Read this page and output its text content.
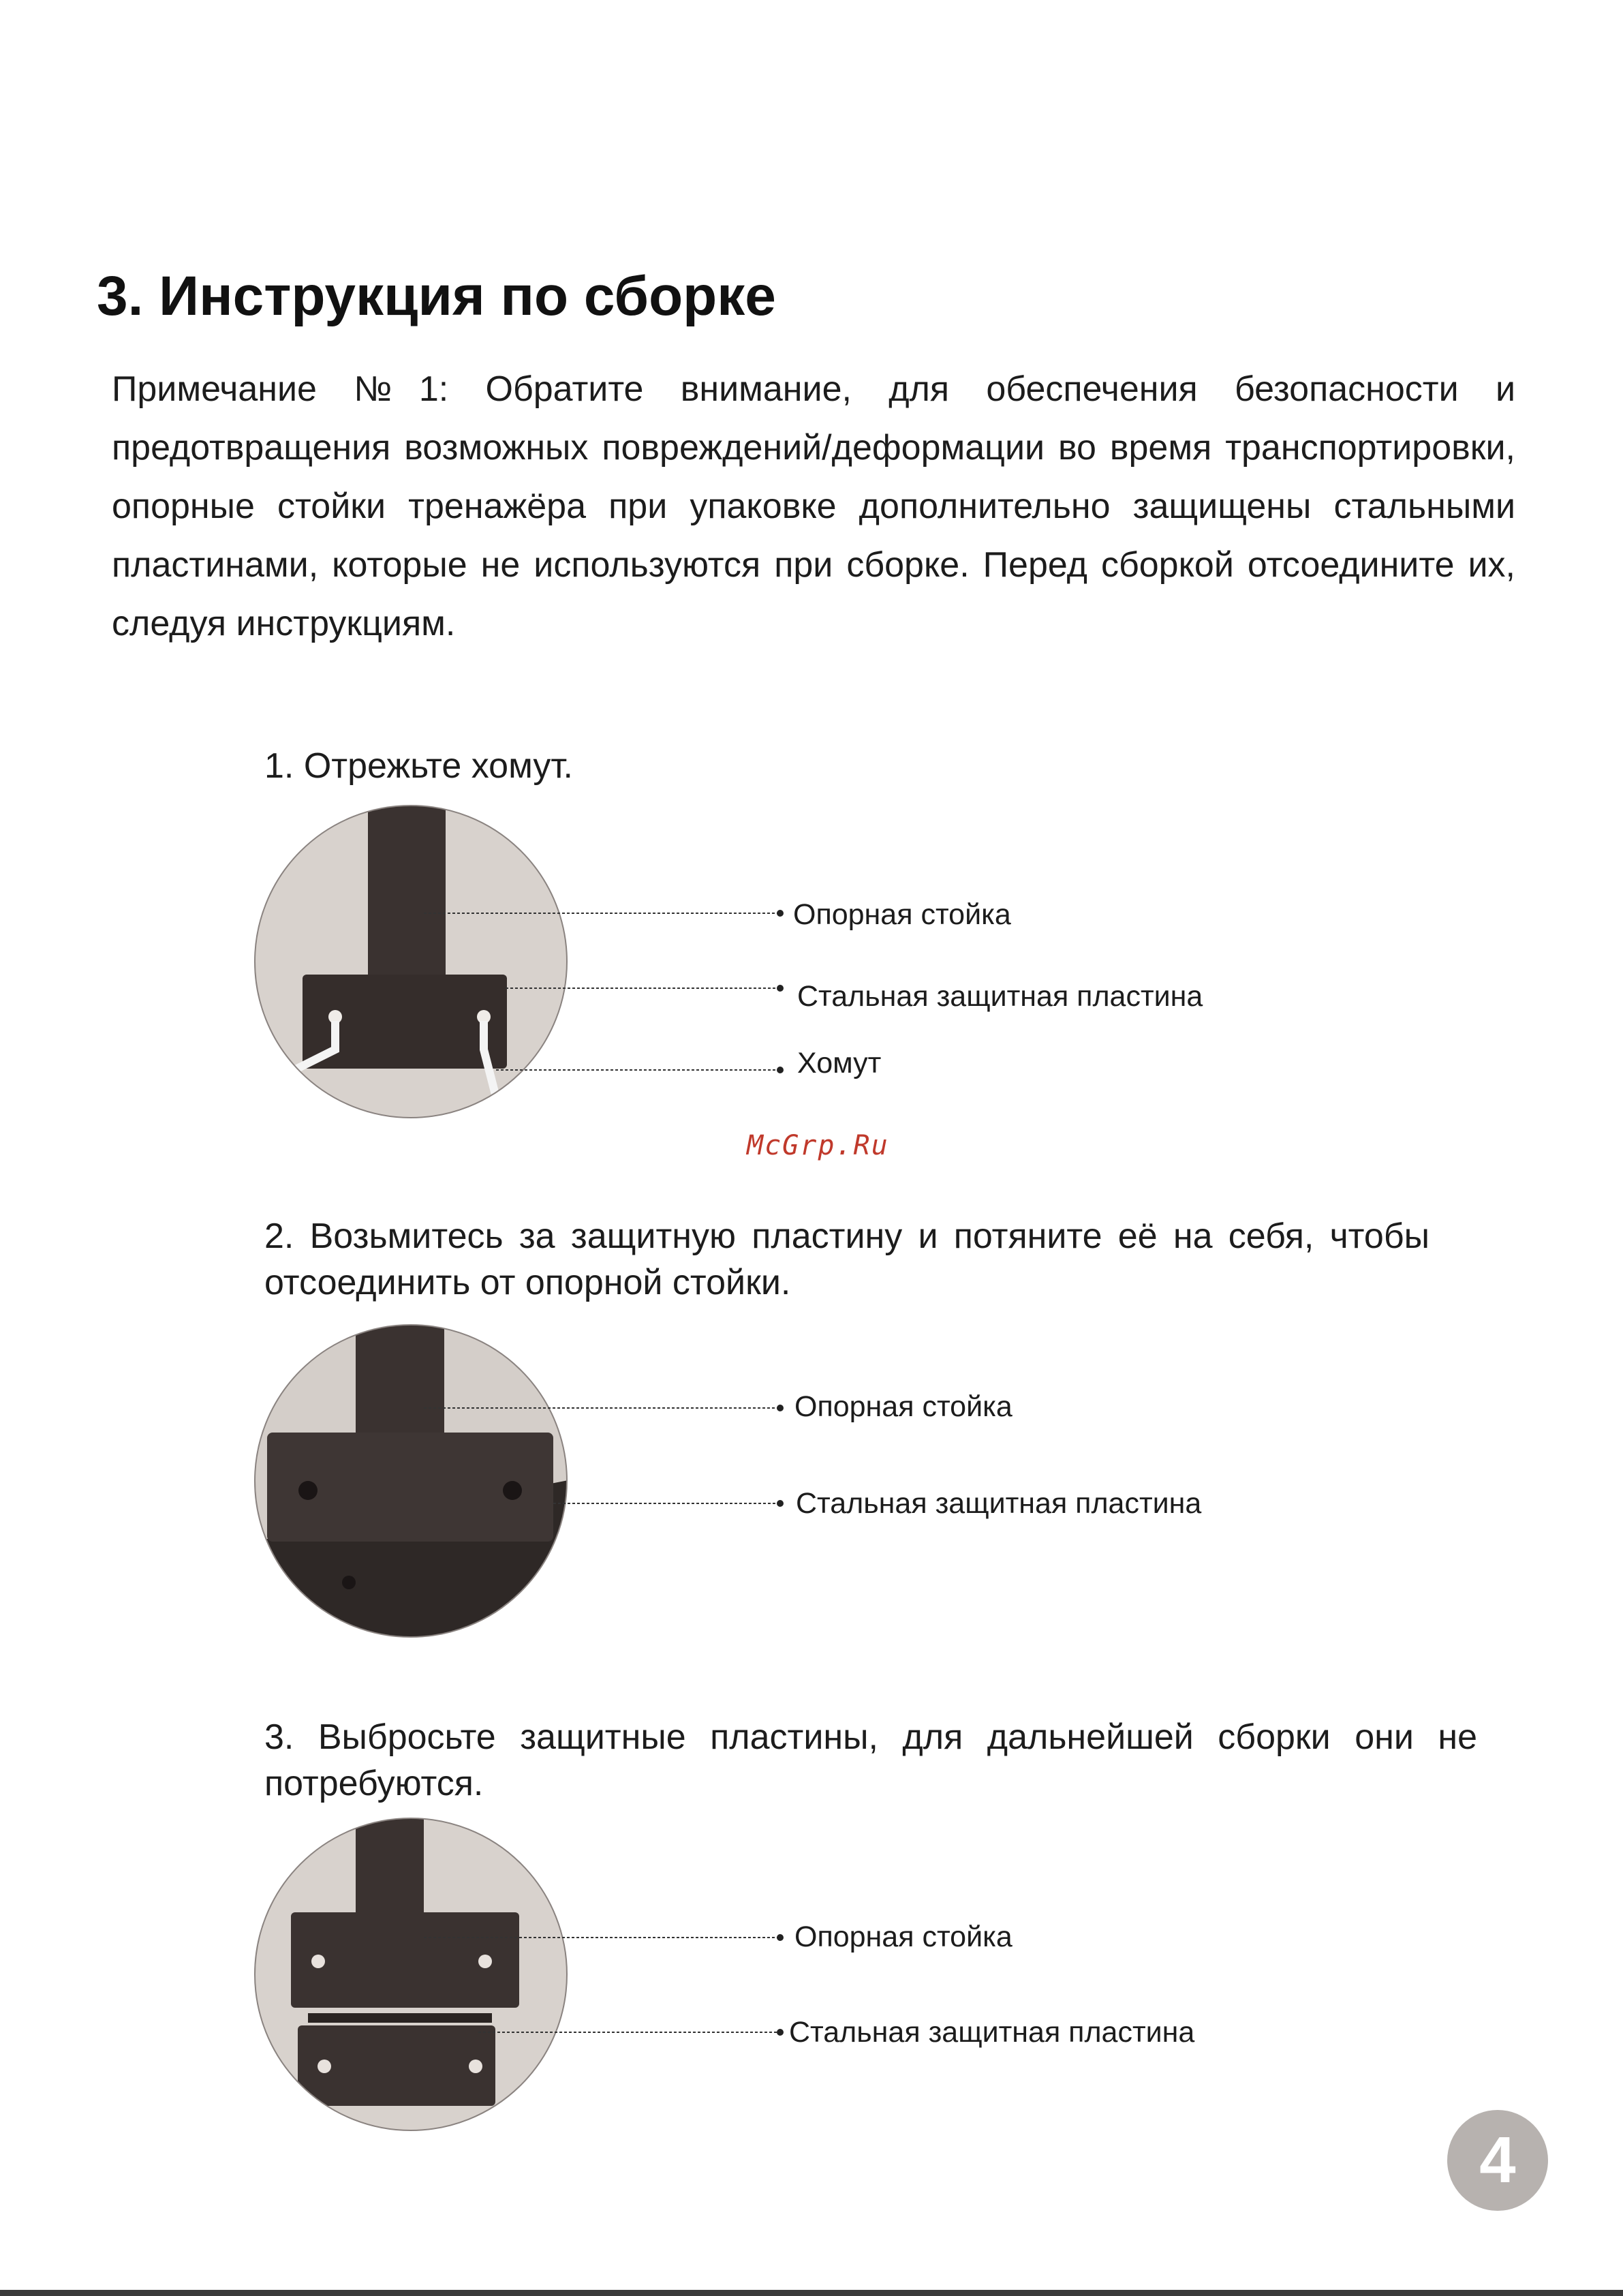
3. Инструкция по сборке

Примечание №1: Обратите внимание, для обеспечения безопасности и предотвращения возможных повреждений/деформации во время транспортировки, опорные стойки тренажёра при упаковке дополнительно защищены стальными пластинами, которые не используются при сборке. Перед сборкой отсоедините их, следуя инструкциям.

1. Отрежьте хомут.

2. Возьмитесь за защитную пластину и потяните её на себя, чтобы отсоединить от опорной стойки.

3. Выбросьте защитные пластины, для дальнейшей сборки они не потребуются.

Опорная стойка
Стальная защитная пластина
Хомут
McGrp.Ru
Опорная стойка
Стальная защитная пластина
Опорная стойка
Стальная защитная пластина
4
